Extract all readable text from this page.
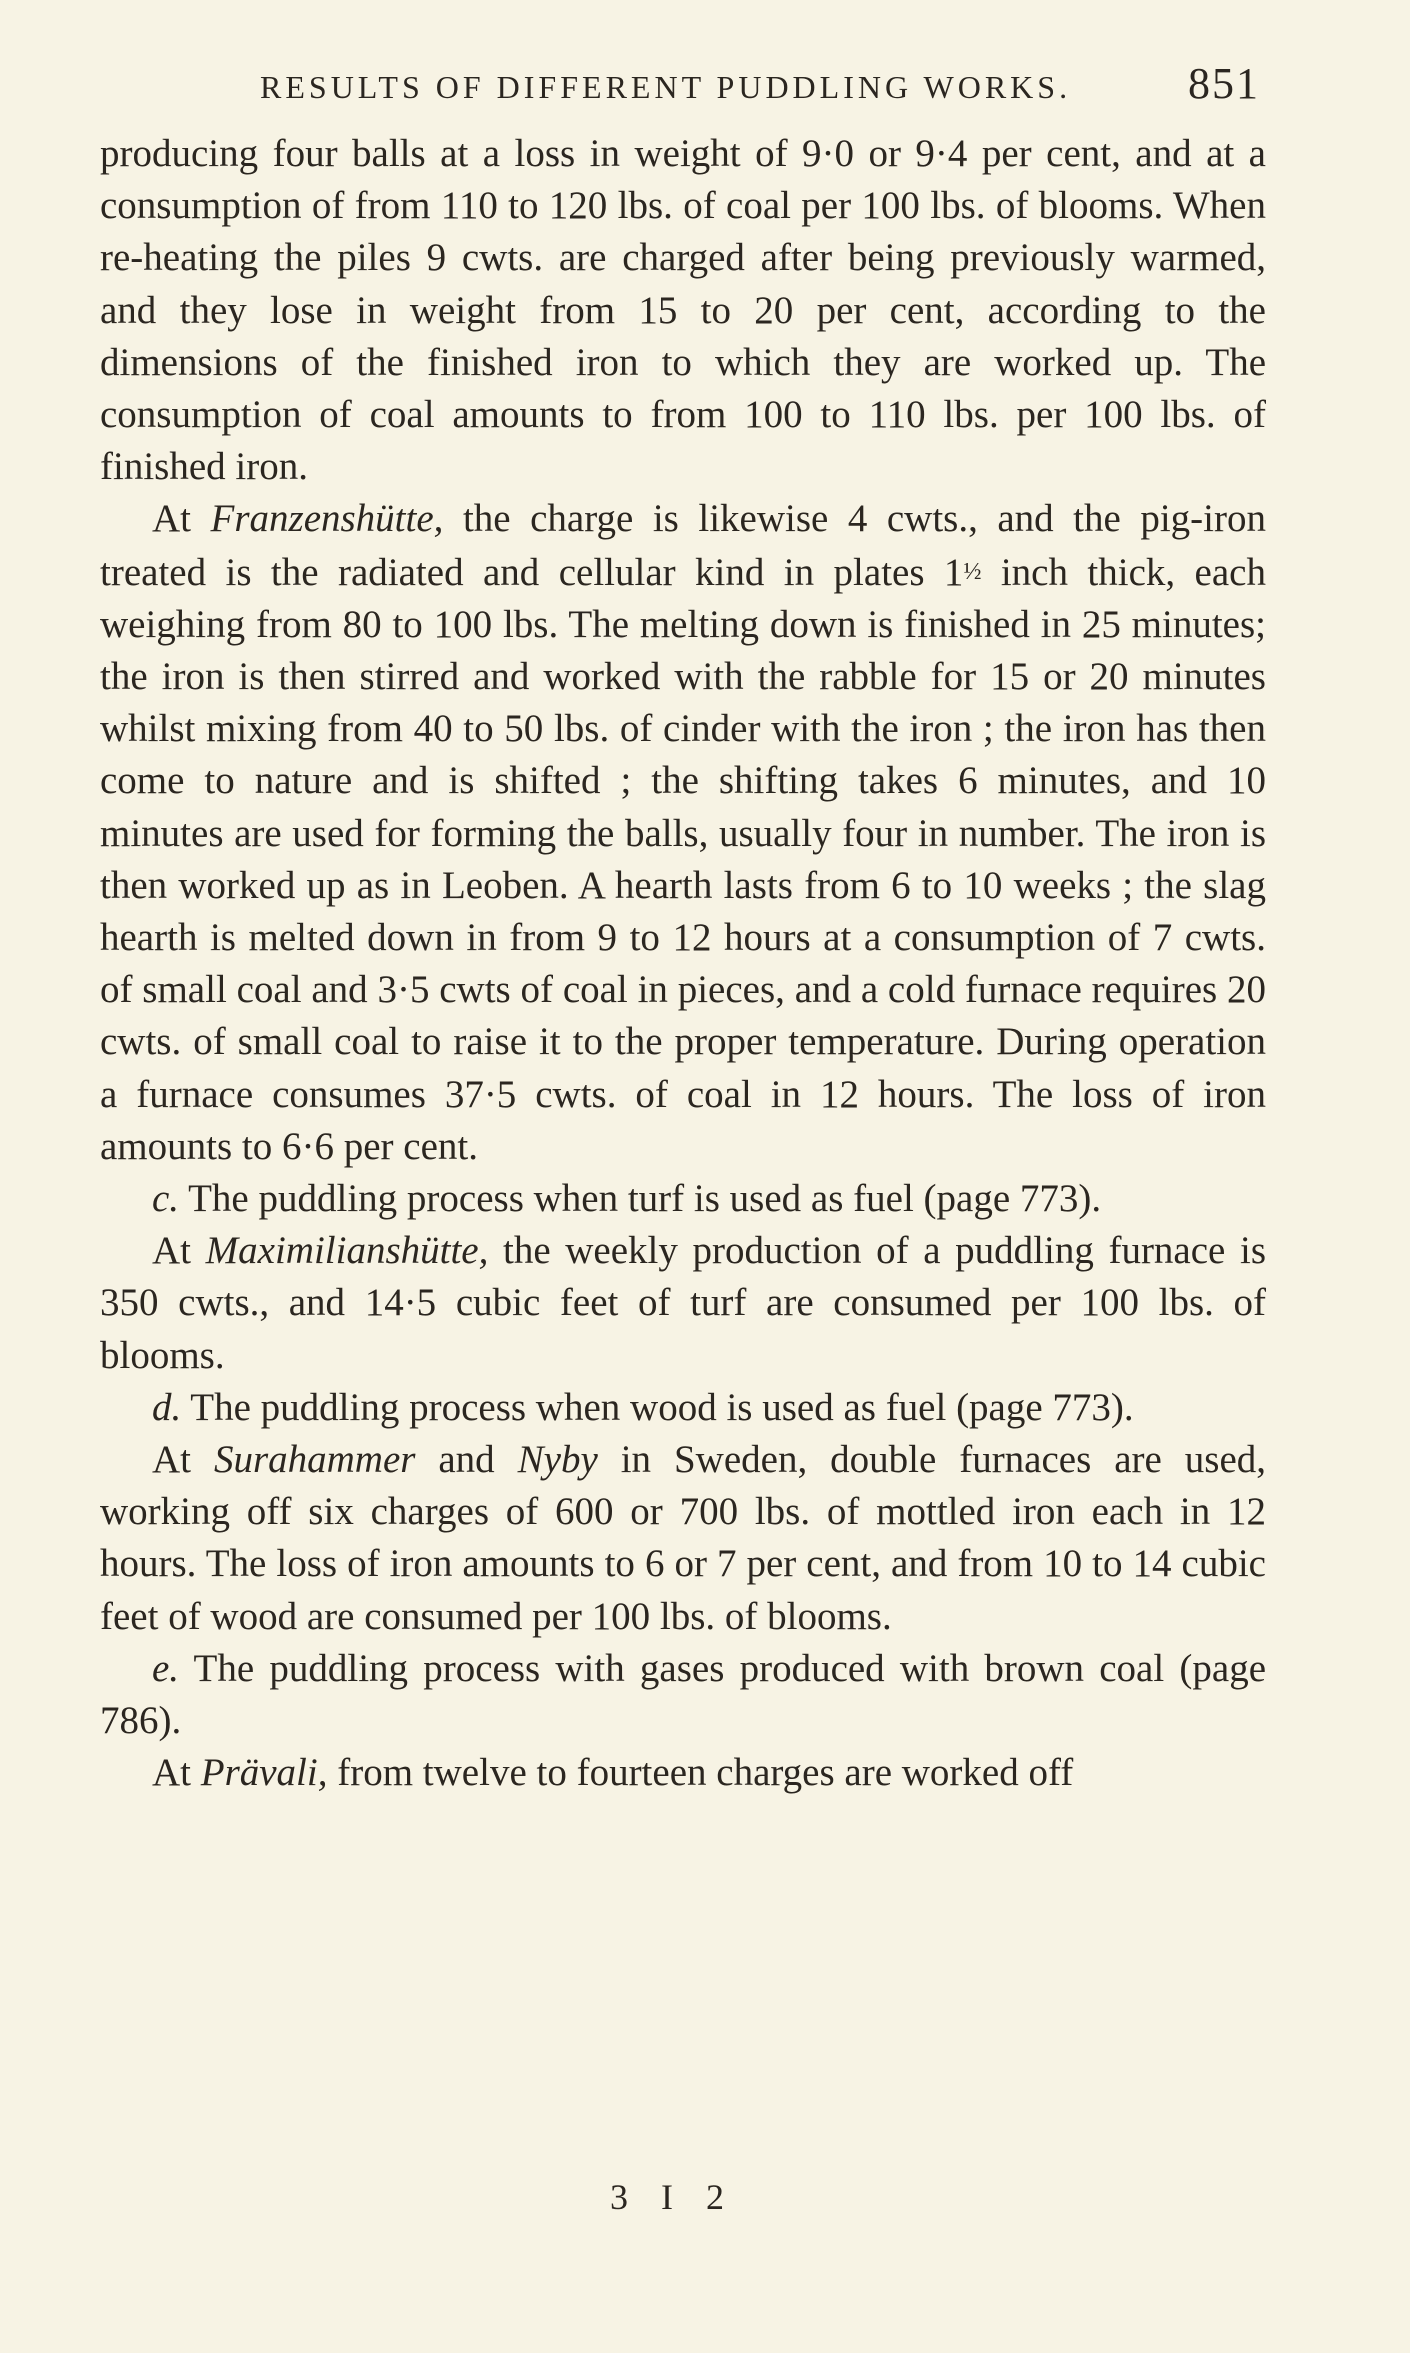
RESULTS OF DIFFERENT PUDDLING WORKS.	851

producing four balls at a loss in weight of 9·0 or 9·4 per cent, and at a consumption of from 110 to 120 lbs. of coal per 100 lbs. of blooms. When re-heating the piles 9 cwts. are charged after being previously warmed, and they lose in weight from 15 to 20 per cent, according to the dimensions of the finished iron to which they are worked up. The consumption of coal amounts to from 100 to 110 lbs. per 100 lbs. of finished iron.

At Franzenshütte, the charge is likewise 4 cwts., and the pig-iron treated is the radiated and cellular kind in plates 1½ inch thick, each weighing from 80 to 100 lbs. The melting down is finished in 25 minutes; the iron is then stirred and worked with the rabble for 15 or 20 minutes whilst mixing from 40 to 50 lbs. of cinder with the iron ; the iron has then come to nature and is shifted ; the shifting takes 6 minutes, and 10 minutes are used for forming the balls, usually four in number. The iron is then worked up as in Leoben. A hearth lasts from 6 to 10 weeks ; the slag hearth is melted down in from 9 to 12 hours at a consumption of 7 cwts. of small coal and 3·5 cwts of coal in pieces, and a cold furnace requires 20 cwts. of small coal to raise it to the proper temperature. During operation a furnace consumes 37·5 cwts. of coal in 12 hours. The loss of iron amounts to 6·6 per cent.

c. The puddling process when turf is used as fuel (page 773).

At Maximilianshütte, the weekly production of a puddling furnace is 350 cwts., and 14·5 cubic feet of turf are consumed per 100 lbs. of blooms.

d. The puddling process when wood is used as fuel (page 773).

At Surahammer and Nyby in Sweden, double furnaces are used, working off six charges of 600 or 700 lbs. of mottled iron each in 12 hours. The loss of iron amounts to 6 or 7 per cent, and from 10 to 14 cubic feet of wood are consumed per 100 lbs. of blooms.

e. The puddling process with gases produced with brown coal (page 786).

At Prävali, from twelve to fourteen charges are worked off

3 I 2
